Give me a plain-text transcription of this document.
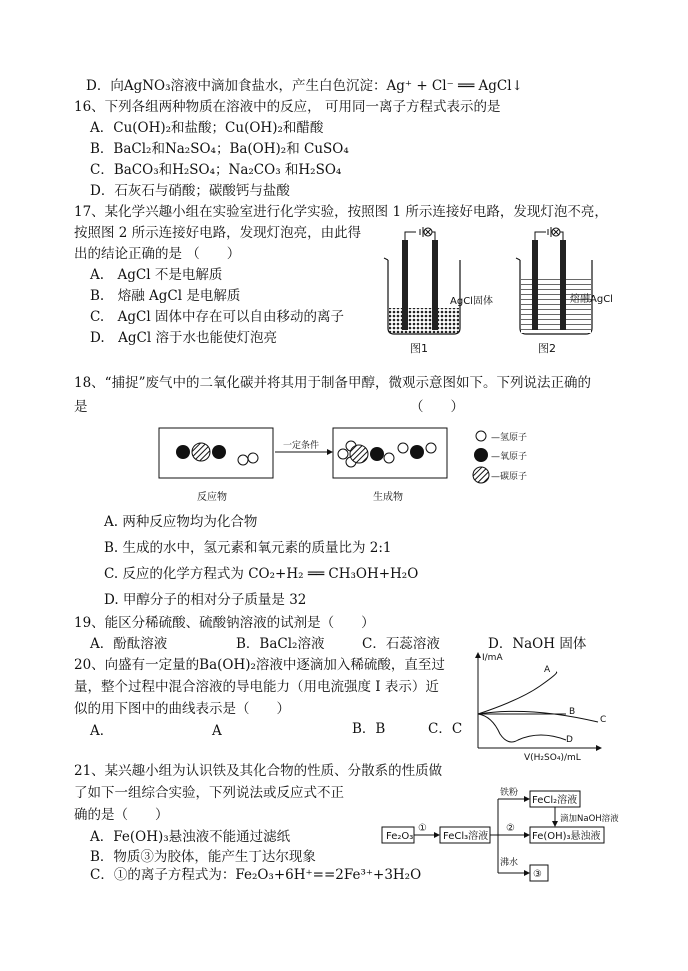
D．向AgNO₃溶液中滴加食盐水，产生白色沉淀：Ag⁺ + Cl⁻ ══ AgCl↓
16、下列各组两种物质在溶液中的反应， 可用同一离子方程式表示的是
A．Cu(OH)₂和盐酸；Cu(OH)₂和醋酸
B．BaCl₂和Na₂SO₄；Ba(OH)₂和 CuSO₄
C．BaCO₃和H₂SO₄；Na₂CO₃ 和H₂SO₄
D．石灰石与硝酸；碳酸钙与盐酸
17、某化学兴趣小组在实验室进行化学实验，按照图 1 所示连接好电路，发现灯泡不亮，
按照图 2 所示连接好电路，发现灯泡亮，由此得
出的结论正确的是 （　　）
A.　AgCl 不是电解质
B.　熔融 AgCl 是电解质
C.　AgCl 固体中存在可以自由移动的离子
D.　AgCl 溶于水也能使灯泡亮
AgCl固体
图1
熔融AgCl
图2
18、“捕捉”废气中的二氧化碳并将其用于制备甲醇，微观示意图如下。下列说法正确的
是	（　　）
一定条件
反应物	生成物
—氢原子
—氧原子
—碳原子
A. 两种反应物均为化合物
B. 生成的水中，氢元素和氧元素的质量比为 2:1
C. 反应的化学方程式为 CO₂+H₂ ══ CH₃OH+H₂O
D. 甲醇分子的相对分子质量是 32
19、能区分稀硫酸、硫酸钠溶液的试剂是（　　）
A．酚酞溶液	B．BaCl₂溶液	C．石蕊溶液	D．NaOH 固体
20、向盛有一定量的Ba(OH)₂溶液中逐滴加入稀硫酸，直至过
量，整个过程中混合溶液的导电能力（用电流强度 I 表示）近
似的用下图中的曲线表示是（　　）
A．	A	B．B	C．C
I/mA
V(H₂SO₄)/mL
A
B
C
D
21、某兴趣小组为认识铁及其化合物的性质、分散系的性质做
了如下一组综合实验，下列说法或反应式不正
确的是（　　）
A．Fe(OH)₃悬浊液不能通过滤纸
B．物质③为胶体，能产生丁达尔现象
C．①的离子方程式为：Fe₂O₃+6H⁺==2Fe³⁺+3H₂O
Fe₂O₃
①
FeCl₃溶液
铁粉
FeCl₂溶液
滴加NaOH溶液
②
Fe(OH)₃悬浊液
沸水
③
